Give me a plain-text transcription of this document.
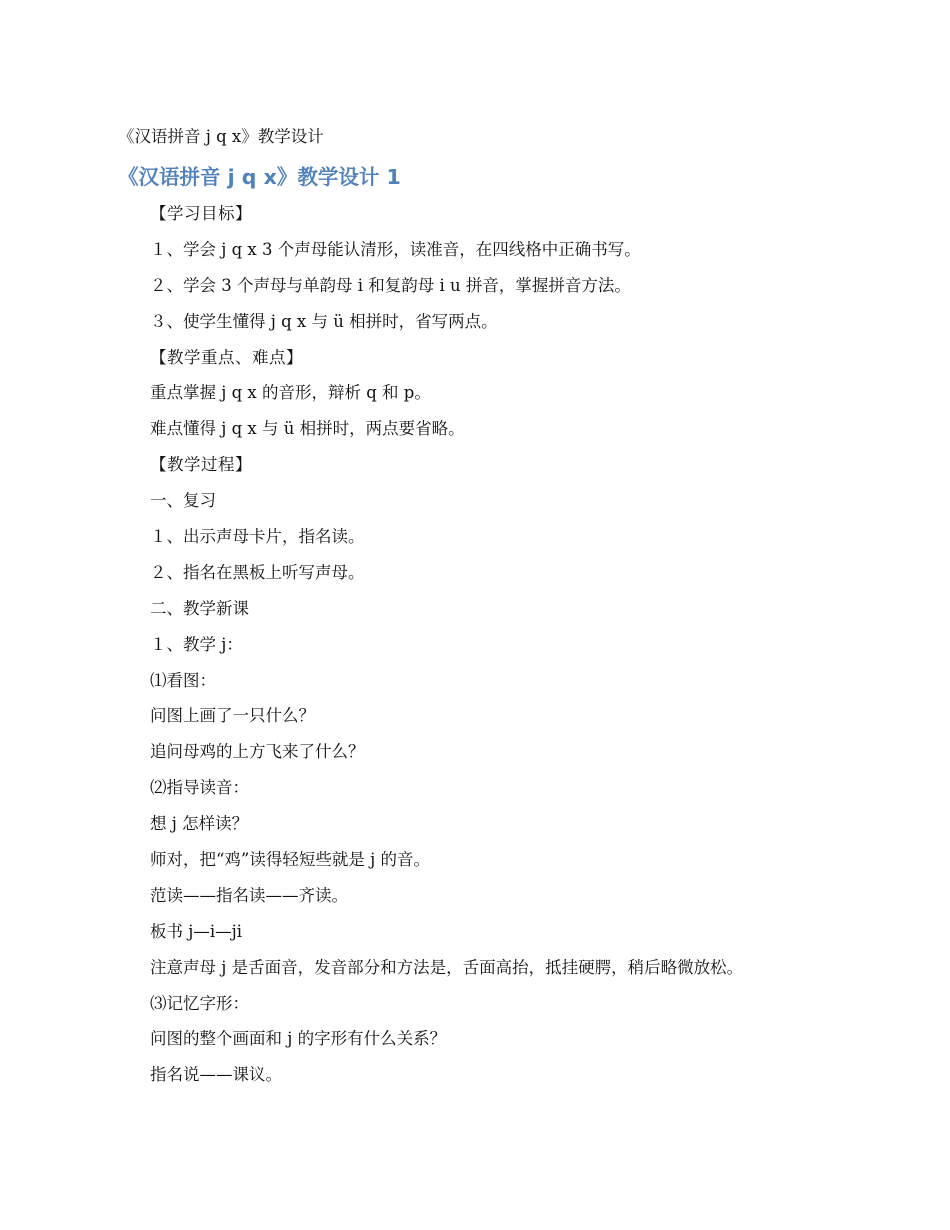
《汉语拼音 j q x》教学设计
《汉语拼音 j q x》教学设计 1
【学习目标】
１、学会 j q x 3 个声母能认清形，读准音，在四线格中正确书写。
２、学会 3 个声母与单韵母 i 和复韵母 i u 拼音，掌握拼音方法。
３、使学生懂得 j q x 与 ü 相拼时，省写两点。
【教学重点、难点】
重点掌握 j q x 的音形，辩析 q 和 p。
难点懂得 j q x 与 ü 相拼时，两点要省略。
【教学过程】
一、复习
１、出示声母卡片，指名读。
２、指名在黑板上听写声母。
二、教学新课
１、教学 j：
⑴看图：
问图上画了一只什么？
追问母鸡的上方飞来了什么？
⑵指导读音：
想 j 怎样读？
师对，把“鸡”读得轻短些就是 j 的音。
范读——指名读——齐读。
板书 j—i—ji
注意声母 j 是舌面音，发音部分和方法是，舌面高抬，抵挂硬腭，稍后略微放松。
⑶记忆字形：
问图的整个画面和 j 的字形有什么关系？
指名说——课议。
